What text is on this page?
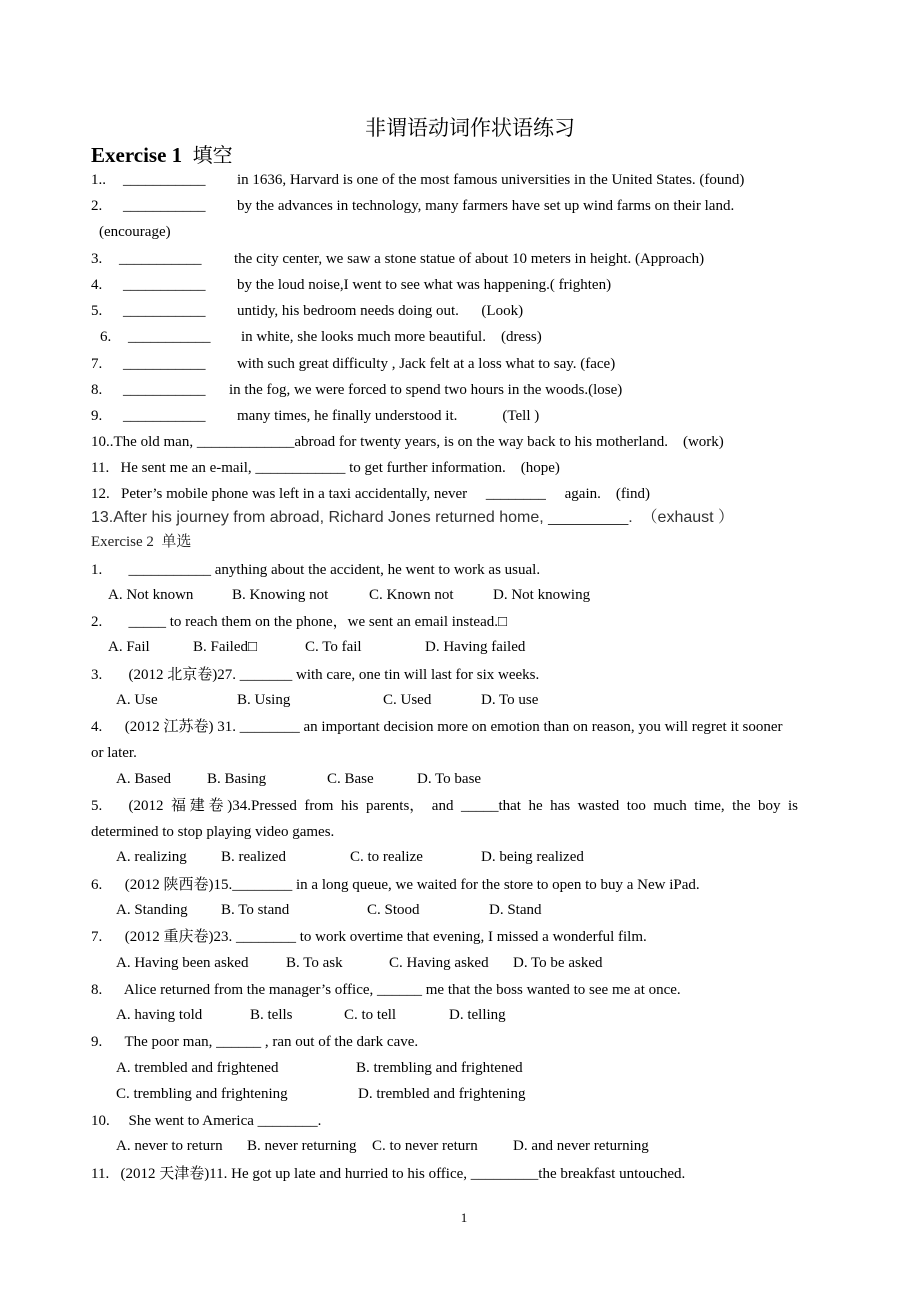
非谓语动词作状语练习
Exercise 1 填空
1.. ___________ in 1636, Harvard is one of the most famous universities in the United States. (found)
2. ___________ by the advances in technology, many farmers have set up wind farms on their land.
(encourage)
3. ___________ the city center, we saw a stone statue of about 10 meters in height. (Approach)
4. ___________ by the loud noise,I went to see what was happening.( frighten)
5. ___________ untidy, his bedroom needs doing out.      (Look)
6. ___________ in white, she looks much more beautiful.    (dress)
7. ___________ with such great difficulty , Jack felt at a loss what to say. (face)
8. ___________ in the fog, we were forced to spend two hours in the woods.(lose)
9. ___________ many times, he finally understood it.            (Tell )
10..The old man, _____________abroad for twenty years, is on the way back to his motherland.    (work)
11.   He sent me an e-mail, ____________ to get further information.    (hope)
12.   Peter’s mobile phone was left in a taxi accidentally, never     ________     again.    (find)
13.After his journey from abroad, Richard Jones returned home, _________.  （exhaust ）
Exercise 2  单选
1.       ___________ anything about the accident, he went to work as usual.
A. Not known	B. Knowing not	C. Known not	D. Not knowing
2.       _____ to reach them on the phone，we sent an email instead.□
A. Fail	B. Failed□	C. To fail	D. Having failed
3.       (2012 北京卷)27. _______ with care, one tin will last for six weeks.
A. Use	B. Using	C. Used	D. To use
4.      (2012 江苏卷) 31. ________ an important decision more on emotion than on reason, you will regret it sooner
or later.
A. Based B. Basing	C. Base	D. To base
5.       (2012  福 建 卷 )34.Pressed  from  his  parents，  and  _____that  he  has  wasted  too  much  time,  the  boy  is
determined to stop playing video games.
A. realizing B. realized	C. to realize	D. being realized
6.      (2012 陕西卷)15.________ in a long queue, we waited for the store to open to buy a New iPad.
A. Standing B. To stand	C. Stood	D. Stand
7.      (2012 重庆卷)23. ________ to work overtime that evening, I missed a wonderful film.
A. Having been asked	B. To ask	C. Having asked D. To be asked
8.      Alice returned from the manager’s office, ______ me that the boss wanted to see me at once.
A. having told	B. tells	C. to tell	D. telling
9.      The poor man, ______ , ran out of the dark cave.
A. trembled and frightened	B. trembling and frightened
C. trembling and frightening	D. trembled and frightening
10.     She went to America ________.
A. never to return B. never returning C. to never return D. and never returning
11.   (2012 天津卷)11. He got up late and hurried to his office, _________the breakfast untouched.
1
